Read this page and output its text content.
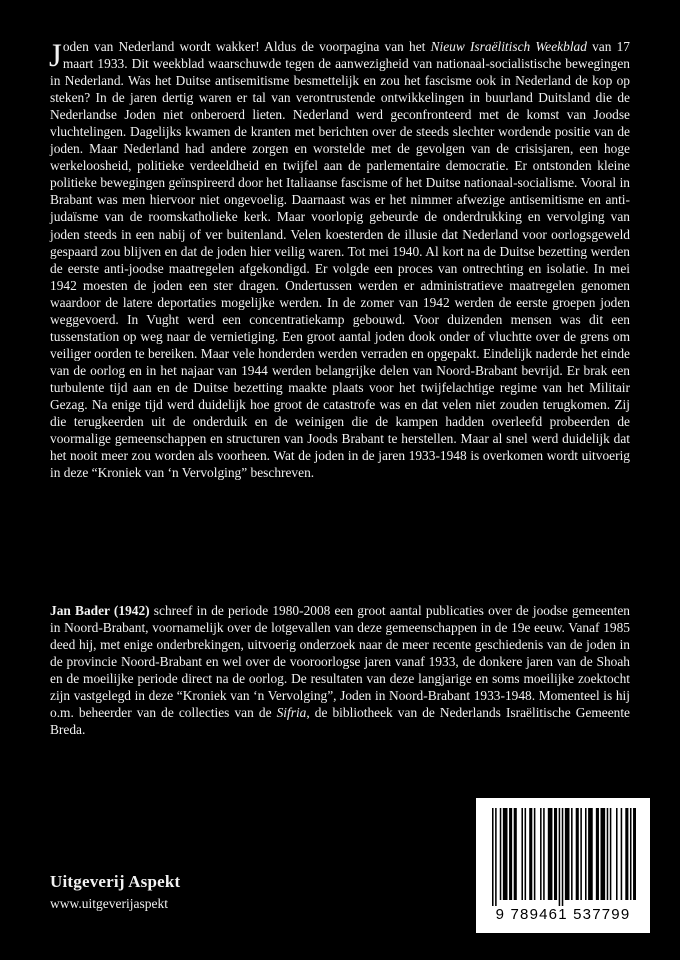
Joden van Nederland wordt wakker! Aldus de voorpagina van het Nieuw Israëlitisch Weekblad van 17 maart 1933. Dit weekblad waarschuwde tegen de aanwezigheid van nationaal-socialistische bewegingen in Nederland. Was het Duitse antisemitisme besmettelijk en zou het fascisme ook in Nederland de kop op steken? In de jaren dertig waren er tal van verontrustende ontwikkelingen in buurland Duitsland die de Nederlandse Joden niet onberoerd lieten. Nederland werd geconfronteerd met de komst van Joodse vluchtelingen. Dagelijks kwamen de kranten met berichten over de steeds slechter wordende positie van de joden. Maar Nederland had andere zorgen en worstelde met de gevolgen van de crisisjaren, een hoge werkeloosheid, politieke verdeeldheid en twijfel aan de parlementaire democratie. Er ontstonden kleine politieke bewegingen geïnspireerd door het Italiaanse fascisme of het Duitse nationaal-socialisme. Vooral in Brabant was men hiervoor niet ongevoelig. Daarnaast was er het nimmer afwezige antisemitisme en anti-judaïsme van de roomskatholieke kerk. Maar voorlopig gebeurde de onderdrukking en vervolging van joden steeds in een nabij of ver buitenland. Velen koesterden de illusie dat Nederland voor oorlogsgeweld gespaard zou blijven en dat de joden hier veilig waren. Tot mei 1940. Al kort na de Duitse bezetting werden de eerste anti-joodse maatregelen afgekondigd. Er volgde een proces van ontrechting en isolatie. In mei 1942 moesten de joden een ster dragen. Ondertussen werden er administratieve maatregelen genomen waardoor de latere deportaties mogelijke werden. In de zomer van 1942 werden de eerste groepen joden weggevoerd. In Vught werd een concentratiekamp gebouwd. Voor duizenden mensen was dit een tussenstation op weg naar de vernietiging. Een groot aantal joden dook onder of vluchtte over de grens om veiliger oorden te bereiken. Maar vele honderden werden verraden en opgepakt. Eindelijk naderde het einde van de oorlog en in het najaar van 1944 werden belangrijke delen van Noord-Brabant bevrijd. Er brak een turbulente tijd aan en de Duitse bezetting maakte plaats voor het twijfelachtige regime van het Militair Gezag. Na enige tijd werd duidelijk hoe groot de catastrofe was en dat velen niet zouden terugkomen. Zij die terugkeerden uit de onderduik en de weinigen die de kampen hadden overleefd probeerden de voormalige gemeenschappen en structuren van Joods Brabant te herstellen. Maar al snel werd duidelijk dat het nooit meer zou worden als voorheen. Wat de joden in de jaren 1933-1948 is overkomen wordt uitvoerig in deze “Kroniek van ‘n Vervolging” beschreven.

Jan Bader (1942) schreef in de periode 1980-2008 een groot aantal publicaties over de joodse gemeenten in Noord-Brabant, voornamelijk over de lotgevallen van deze gemeenschappen in de 19e eeuw. Vanaf 1985 deed hij, met enige onderbrekingen, uitvoerig onderzoek naar de meer recente geschiedenis van de joden in de provincie Noord-Brabant en wel over de vooroorlogse jaren vanaf 1933, de donkere jaren van de Shoah en de moeilijke periode direct na de oorlog. De resultaten van deze langjarige en soms moeilijke zoektocht zijn vastgelegd in deze “Kroniek van ‘n Vervolging”, Joden in Noord-Brabant 1933-1948. Momenteel is hij o.m. beheerder van de collecties van de Sifria, de bibliotheek van de Nederlands Israëlitische Gemeente Breda.

Uitgeverij Aspekt
www.uitgeverijaspekt
9 789461 537799
